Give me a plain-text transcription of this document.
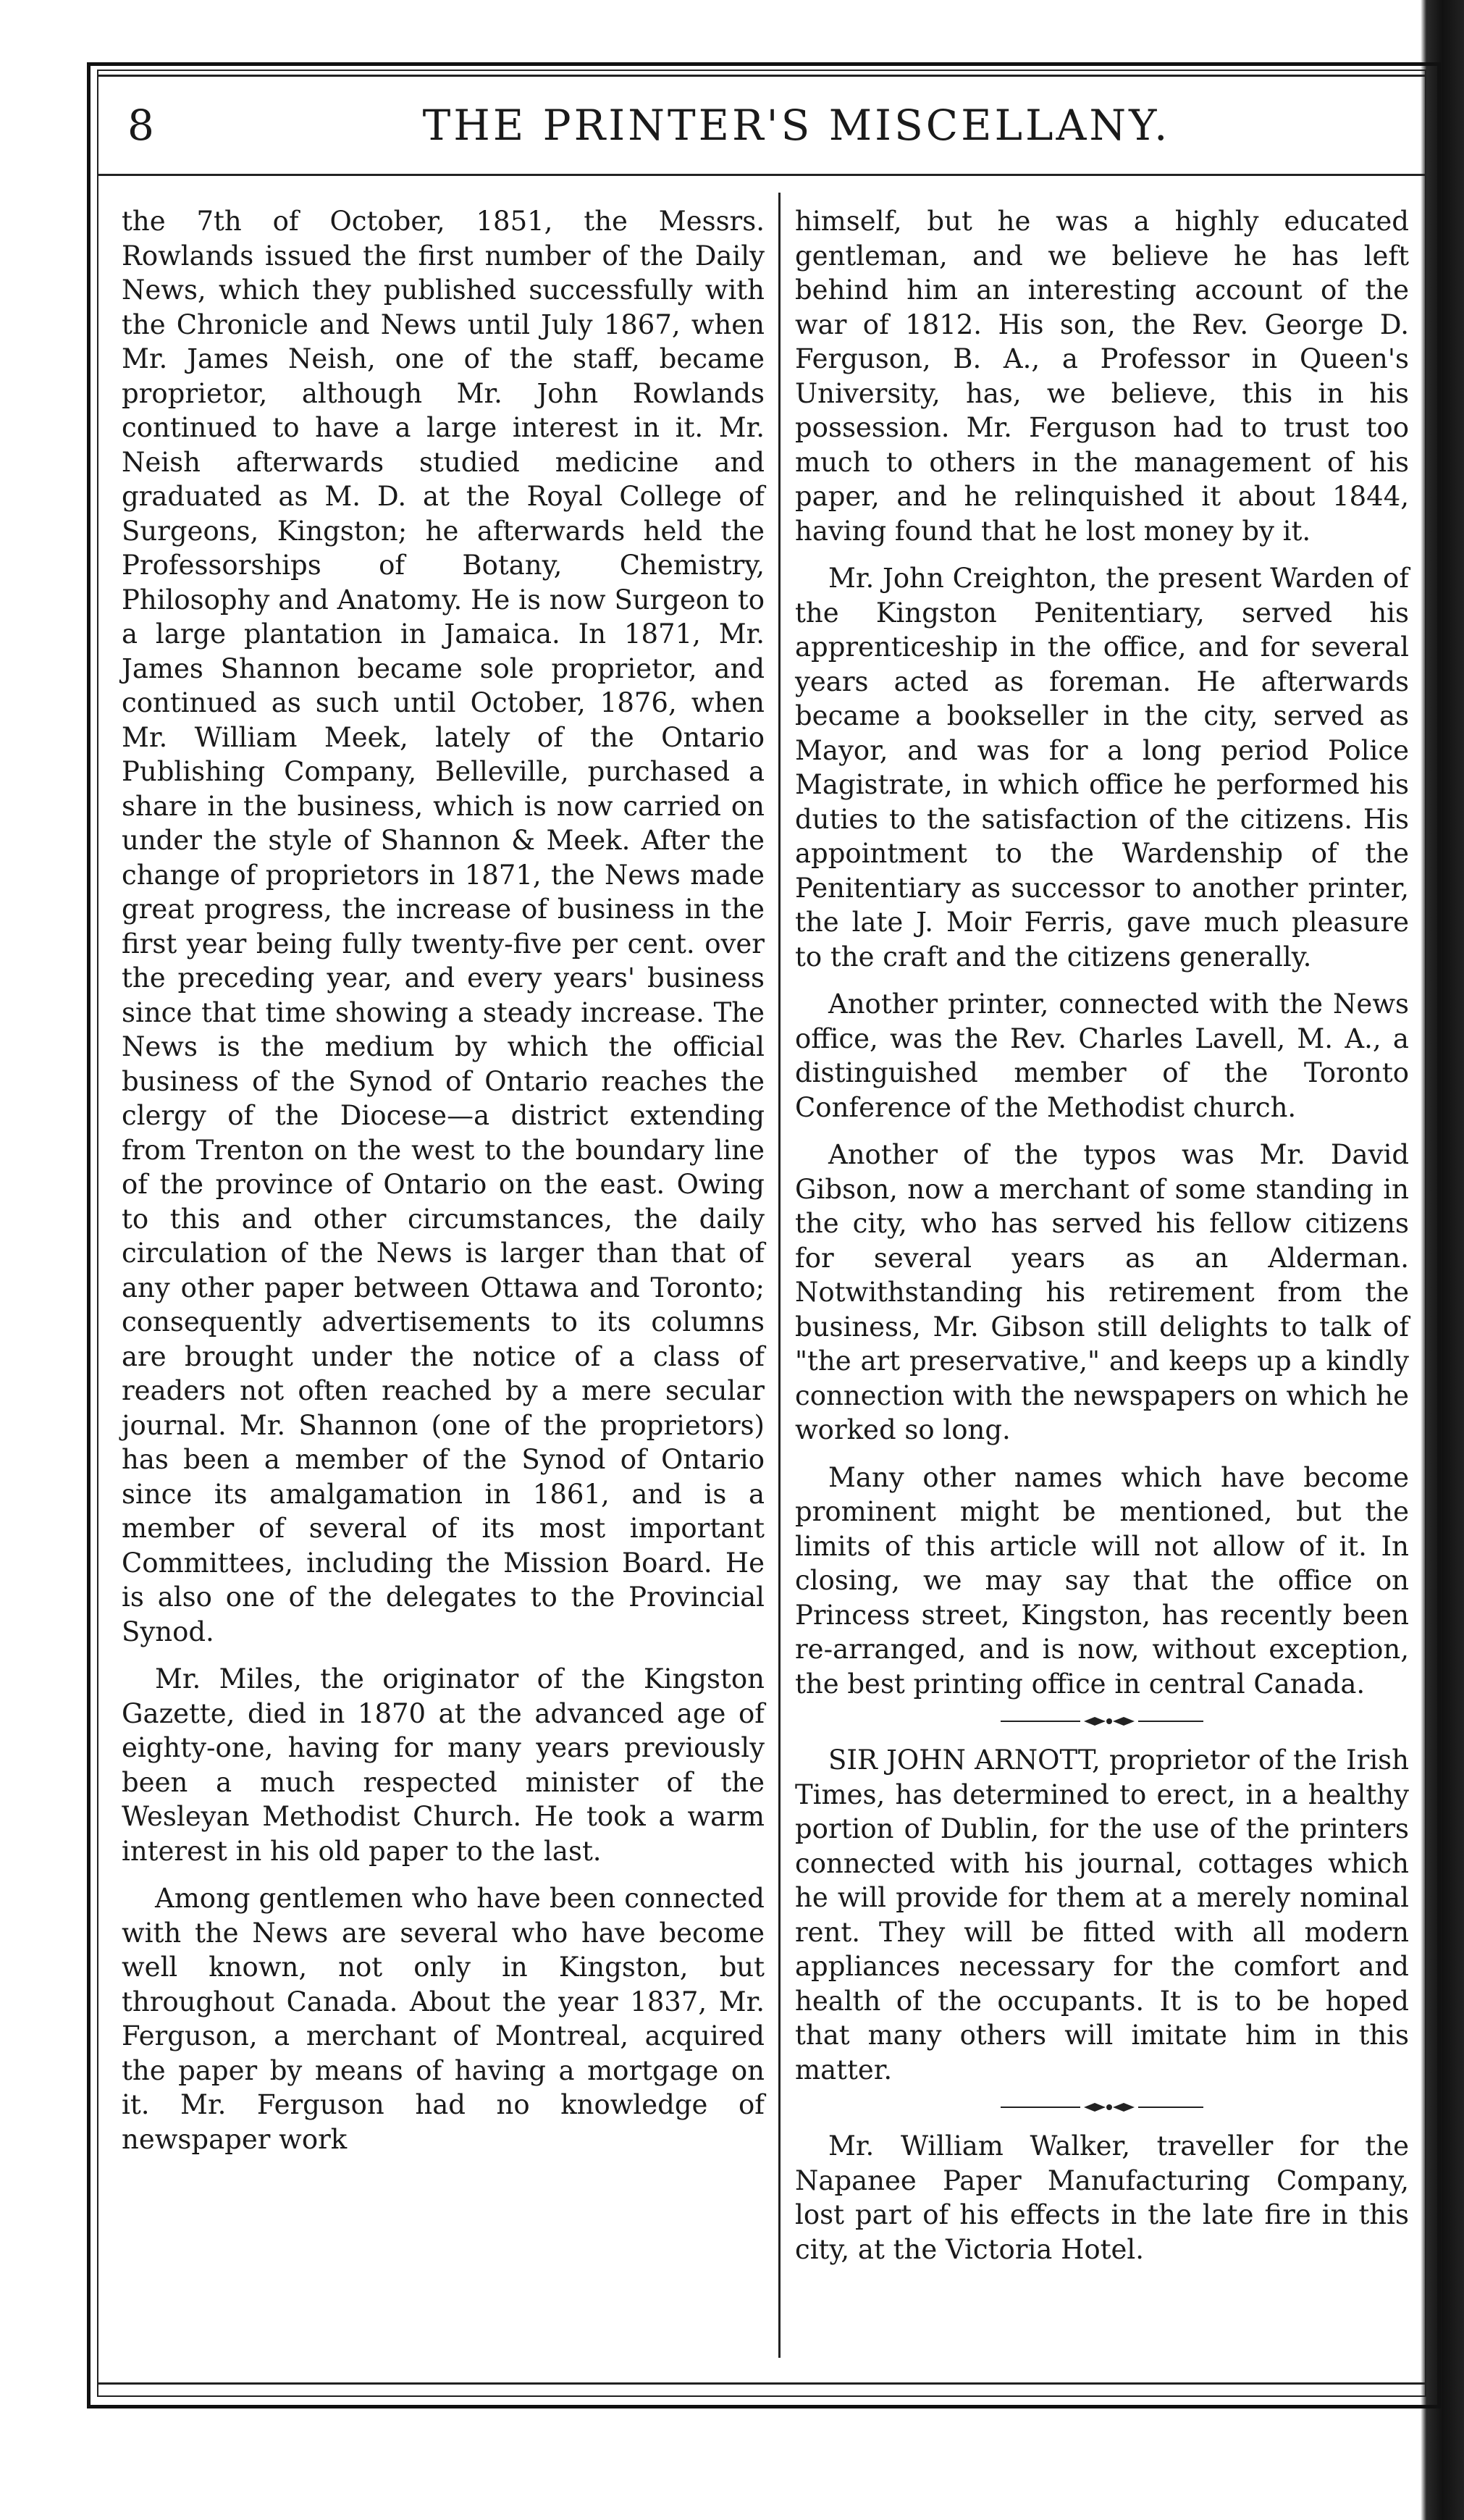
8	THE PRINTER'S MISCELLANY.

the 7th of October, 1851, the Messrs. Rowlands issued the first number of the Daily News, which they published successfully with the Chronicle and News until July 1867, when Mr. James Neish, one of the staff, became proprietor, although Mr. John Rowlands continued to have a large interest in it. Mr. Neish afterwards studied medicine and graduated as M. D. at the Royal College of Surgeons, Kingston; he afterwards held the Professorships of Botany, Chemistry, Philosophy and Anatomy. He is now Surgeon to a large plantation in Jamaica. In 1871, Mr. James Shannon became sole proprietor, and continued as such until October, 1876, when Mr. William Meek, lately of the Ontario Publishing Company, Belleville, purchased a share in the business, which is now carried on under the style of Shannon & Meek. After the change of proprietors in 1871, the News made great progress, the increase of business in the first year being fully twenty-five per cent. over the preceding year, and every years' business since that time showing a steady increase. The News is the medium by which the official business of the Synod of Ontario reaches the clergy of the Diocese—a district extending from Trenton on the west to the boundary line of the province of Ontario on the east. Owing to this and other circumstances, the daily circulation of the News is larger than that of any other paper between Ottawa and Toronto; consequently advertisements to its columns are brought under the notice of a class of readers not often reached by a mere secular journal. Mr. Shannon (one of the proprietors) has been a member of the Synod of Ontario since its amalgamation in 1861, and is a member of several of its most important Committees, including the Mission Board. He is also one of the delegates to the Provincial Synod.

Mr. Miles, the originator of the Kingston Gazette, died in 1870 at the advanced age of eighty-one, having for many years previously been a much respected minister of the Wesleyan Methodist Church. He took a warm interest in his old paper to the last.

Among gentlemen who have been connected with the News are several who have become well known, not only in Kingston, but throughout Canada. About the year 1837, Mr. Ferguson, a merchant of Montreal, acquired the paper by means of having a mortgage on it. Mr. Ferguson had no knowledge of newspaper work

himself, but he was a highly educated gentleman, and we believe he has left behind him an interesting account of the war of 1812. His son, the Rev. George D. Ferguson, B. A., a Professor in Queen's University, has, we believe, this in his possession. Mr. Ferguson had to trust too much to others in the management of his paper, and he relinquished it about 1844, having found that he lost money by it.

Mr. John Creighton, the present Warden of the Kingston Penitentiary, served his apprenticeship in the office, and for several years acted as foreman. He afterwards became a bookseller in the city, served as Mayor, and was for a long period Police Magistrate, in which office he performed his duties to the satisfaction of the citizens. His appointment to the Wardenship of the Penitentiary as successor to another printer, the late J. Moir Ferris, gave much pleasure to the craft and the citizens generally.

Another printer, connected with the News office, was the Rev. Charles Lavell, M. A., a distinguished member of the Toronto Conference of the Methodist church.

Another of the typos was Mr. David Gibson, now a merchant of some standing in the city, who has served his fellow citizens for several years as an Alderman. Notwithstanding his retirement from the business, Mr. Gibson still delights to talk of "the art preservative," and keeps up a kindly connection with the newspapers on which he worked so long.

Many other names which have become prominent might be mentioned, but the limits of this article will not allow of it. In closing, we may say that the office on Princess street, Kingston, has recently been re-arranged, and is now, without exception, the best printing office in central Canada.

SIR JOHN ARNOTT, proprietor of the Irish Times, has determined to erect, in a healthy portion of Dublin, for the use of the printers connected with his journal, cottages which he will provide for them at a merely nominal rent. They will be fitted with all modern appliances necessary for the comfort and health of the occupants. It is to be hoped that many others will imitate him in this matter.

Mr. William Walker, traveller for the Napanee Paper Manufacturing Company, lost part of his effects in the late fire in this city, at the Victoria Hotel.
